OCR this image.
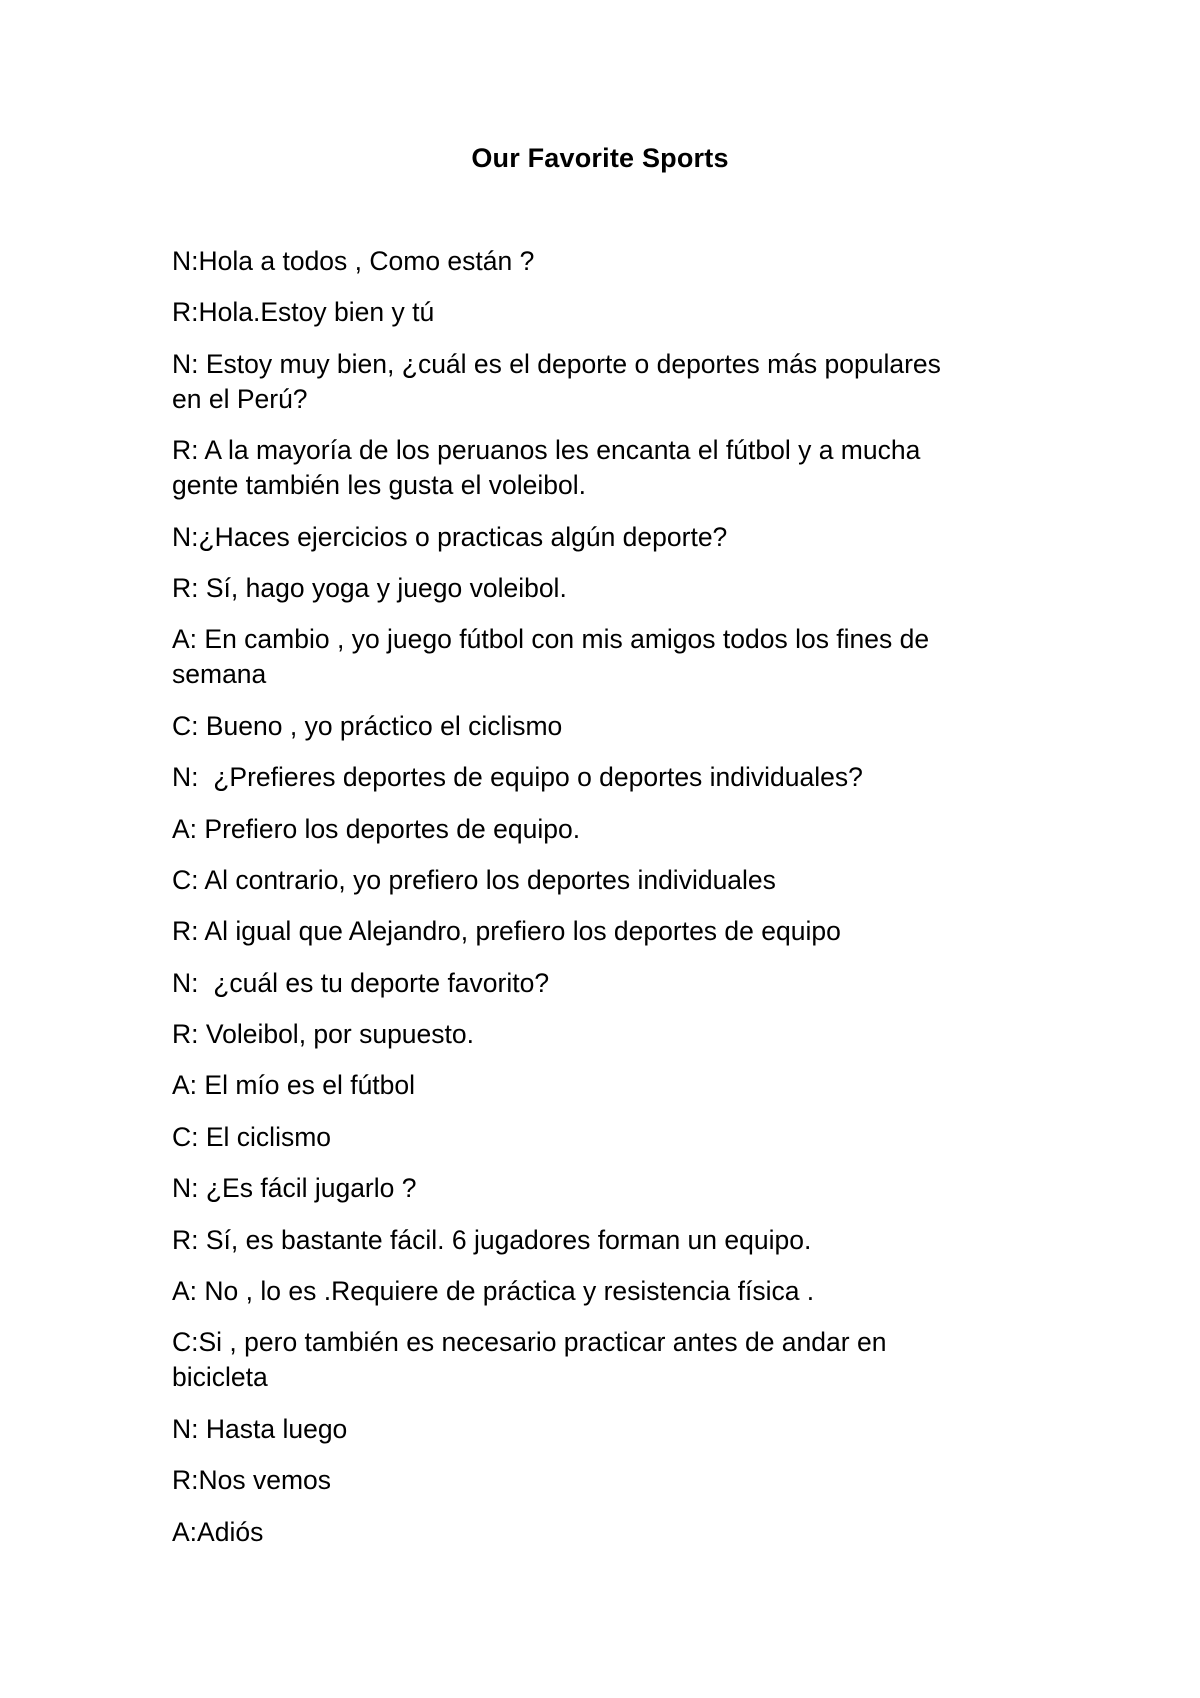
Our Favorite Sports
N:Hola a todos , Como están ?
R:Hola.Estoy bien y tú
N: Estoy muy bien, ¿cuál es el deporte o deportes más populares
en el Perú?
R: A la mayoría de los peruanos les encanta el fútbol y a mucha
gente también les gusta el voleibol.
N:¿Haces ejercicios o practicas algún deporte?
R: Sí, hago yoga y juego voleibol.
A: En cambio , yo juego fútbol con mis amigos todos los fines de
semana
C: Bueno , yo práctico el ciclismo
N:  ¿Prefieres deportes de equipo o deportes individuales?
A: Prefiero los deportes de equipo.
C: Al contrario, yo prefiero los deportes individuales
R: Al igual que Alejandro, prefiero los deportes de equipo
N:  ¿cuál es tu deporte favorito?
R: Voleibol, por supuesto.
A: El mío es el fútbol
C: El ciclismo
N: ¿Es fácil jugarlo ?
R: Sí, es bastante fácil. 6 jugadores forman un equipo.
A: No , lo es .Requiere de práctica y resistencia física .
C:Si , pero también es necesario practicar antes de andar en
bicicleta
N: Hasta luego
R:Nos vemos
A:Adiós
